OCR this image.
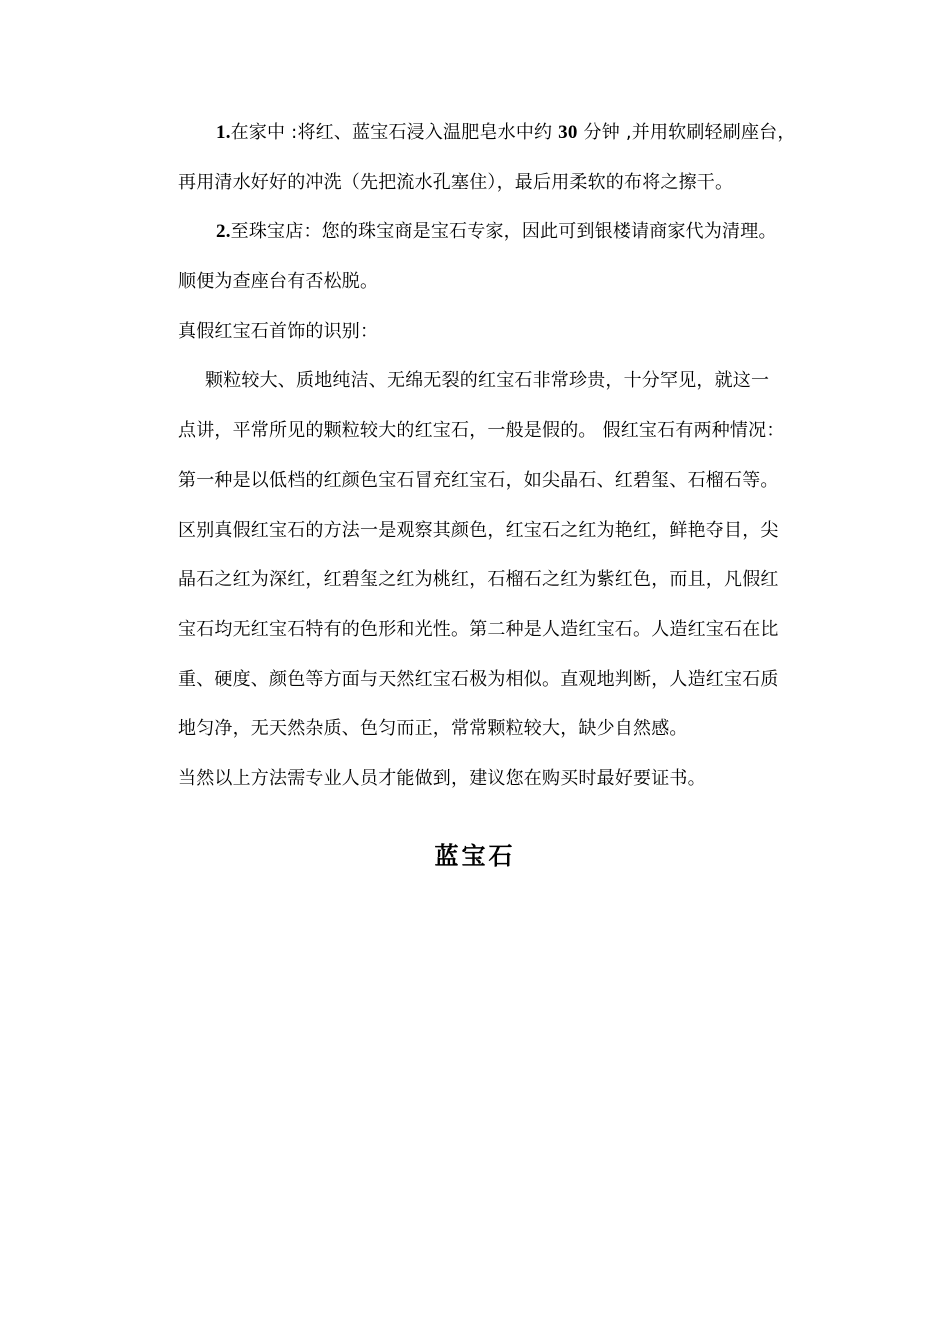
1.在家中 :将红、蓝宝石浸入温肥皂水中约 30 分钟 ,并用软刷轻刷座台，
再用清水好好的冲洗（先把流水孔塞住），最后用柔软的布将之擦干。
2.至珠宝店：您的珠宝商是宝石专家，因此可到银楼请商家代为清理。
顺便为查座台有否松脱。
真假红宝石首饰的识别：
颗粒较大、质地纯洁、无绵无裂的红宝石非常珍贵，十分罕见，就这一
点讲，平常所见的颗粒较大的红宝石，一般是假的。 假红宝石有两种情况：
第一种是以低档的红颜色宝石冒充红宝石，如尖晶石、红碧玺、石榴石等。
区别真假红宝石的方法一是观察其颜色，红宝石之红为艳红，鲜艳夺目，尖
晶石之红为深红，红碧玺之红为桃红，石榴石之红为紫红色，而且，凡假红
宝石均无红宝石特有的色形和光性。第二种是人造红宝石。人造红宝石在比
重、硬度、颜色等方面与天然红宝石极为相似。直观地判断，人造红宝石质
地匀净，无天然杂质、色匀而正，常常颗粒较大，缺少自然感。
当然以上方法需专业人员才能做到，建议您在购买时最好要证书。
蓝宝石
